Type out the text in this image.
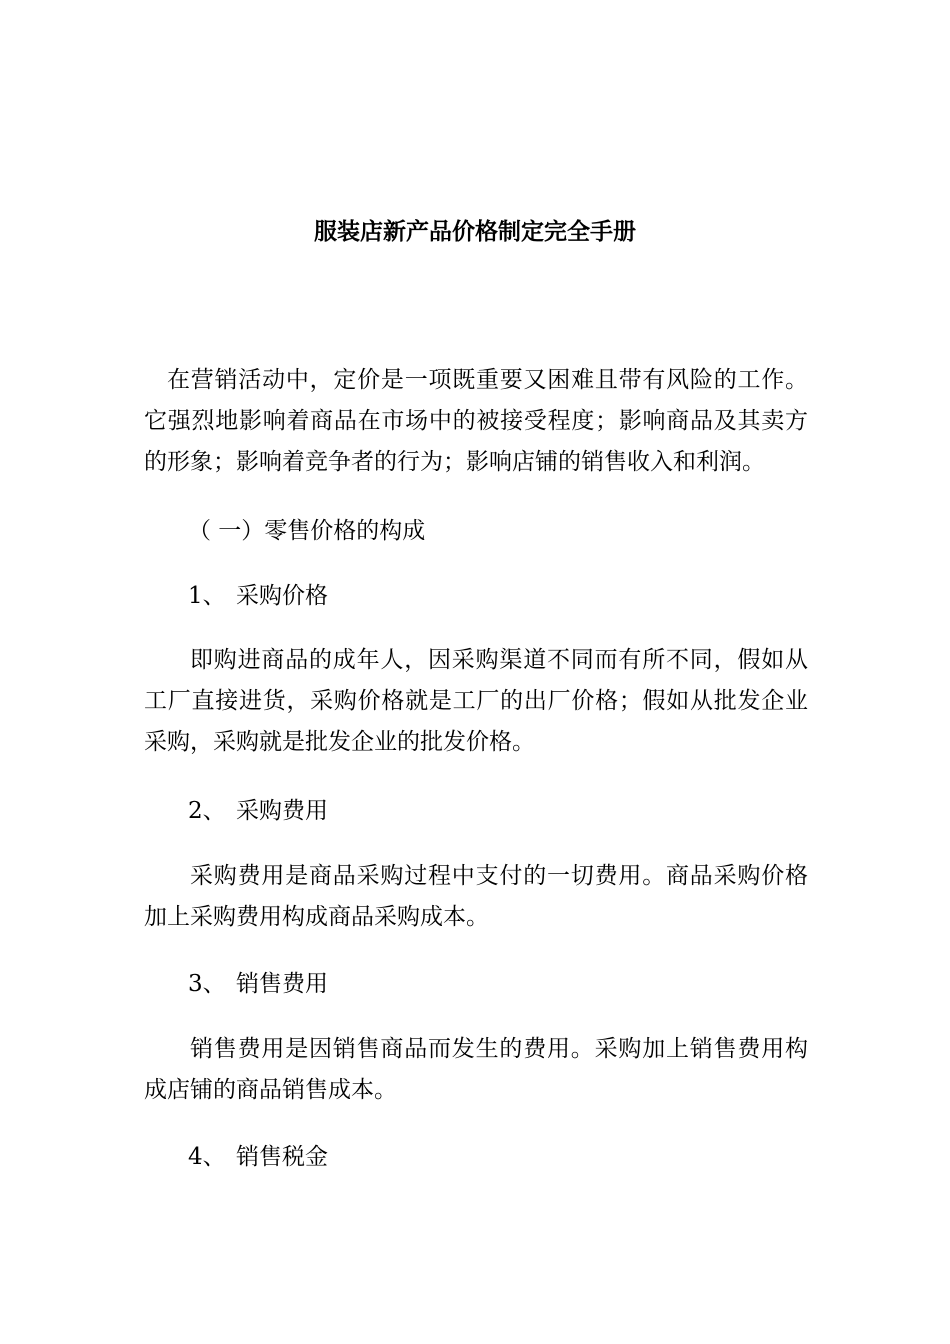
服装店新产品价格制定完全手册

在营销活动中，定价是一项既重要又困难且带有风险的工作。它强烈地影响着商品在市场中的被接受程度；影响商品及其卖方的形象；影响着竞争者的行为；影响店铺的销售收入和利润。

（ 一）零售价格的构成
1、 采购价格

即购进商品的成年人，因采购渠道不同而有所不同，假如从工厂直接进货，采购价格就是工厂的出厂价格；假如从批发企业采购，采购就是批发企业的批发价格。

2、 采购费用

采购费用是商品采购过程中支付的一切费用。商品采购价格加上采购费用构成商品采购成本。

3、 销售费用

销售费用是因销售商品而发生的费用。采购加上销售费用构成店铺的商品销售成本。

4、 销售税金
